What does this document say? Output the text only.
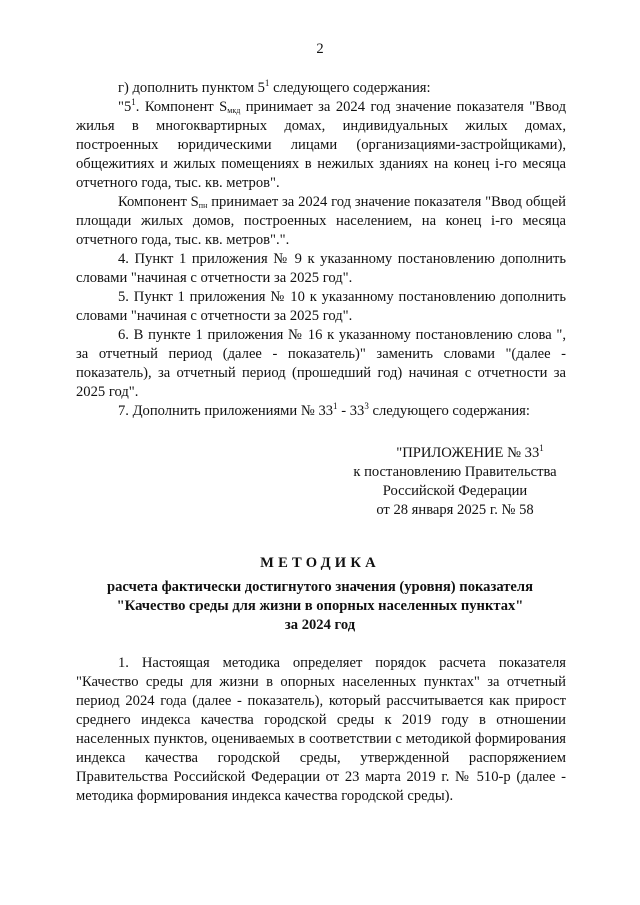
2

г) дополнить пунктом $5^1$ следующего содержания:

"$5^1$. Компонент $S_{мкд}$ принимает за 2024 год значение показателя "Ввод жилья в многоквартирных домах, индивидуальных жилых домах, построенных юридическими лицами (организациями-застройщиками), общежитиях и жилых помещениях в нежилых зданиях на конец i-го месяца отчетного года, тыс. кв. метров".

Компонент $S_{пн}$ принимает за 2024 год значение показателя "Ввод общей площади жилых домов, построенных населением, на конец i-го месяца отчетного года, тыс. кв. метров".".

4. Пункт 1 приложения № 9 к указанному постановлению дополнить словами "начиная с отчетности за 2025 год".

5. Пункт 1 приложения № 10 к указанному постановлению дополнить словами "начиная с отчетности за 2025 год".

6. В пункте 1 приложения № 16 к указанному постановлению слова ", за отчетный период (далее - показатель)" заменить словами "(далее - показатель), за отчетный период (прошедший год) начиная с отчетности за 2025 год".

7. Дополнить приложениями № $33^1 - 33^3$ следующего содержания:

"ПРИЛОЖЕНИЕ № $33^1$
к постановлению Правительства
Российской Федерации
от 28 января 2025 г. № 58
МЕТОДИКА
расчета фактически достигнутого значения (уровня) показателя
"Качество среды для жизни в опорных населенных пунктах"
за 2024 год

1. Настоящая методика определяет порядок расчета показателя "Качество среды для жизни в опорных населенных пунктах" за отчетный период 2024 года (далее - показатель), который рассчитывается как прирост среднего индекса качества городской среды к 2019 году в отношении населенных пунктов, оцениваемых в соответствии с методикой формирования индекса качества городской среды, утвержденной распоряжением Правительства Российской Федерации от 23 марта 2019 г. № 510-р (далее - методика формирования индекса качества городской среды).
